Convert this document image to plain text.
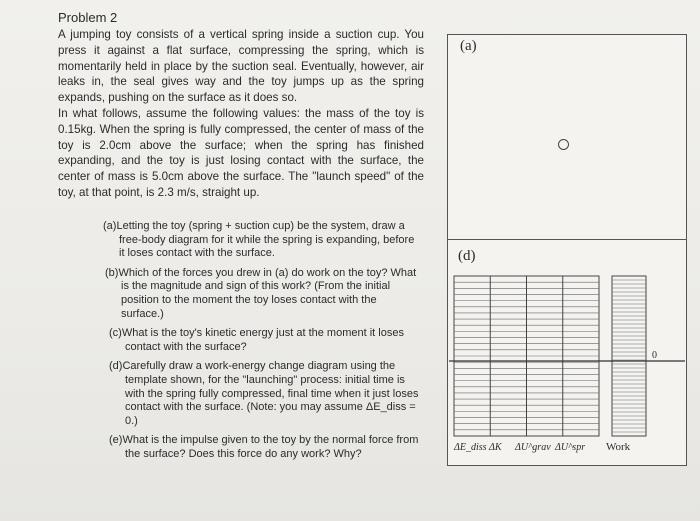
Problem 2

A jumping toy consists of a vertical spring inside a suction cup. You press it against a flat surface, compressing the spring, which is momentarily held in place by the suction seal. Eventually, however, air leaks in, the seal gives way and the toy jumps up as the spring expands, pushing on the surface as it does so.

In what follows, assume the following values: the mass of the toy is 0.15kg. When the spring is fully compressed, the center of mass of the toy is 2.0cm above the surface; when the spring has finished expanding, and the toy is just losing contact with the surface, the center of mass is 5.0cm above the surface. The "launch speed" of the toy, at that point, is 2.3 m/s, straight up.

(a)Letting the toy (spring + suction cup) be the system, draw a free-body diagram for it while the spring is expanding, before it loses contact with the surface.
(b)Which of the forces you drew in (a) do work on the toy? What is the magnitude and sign of this work? (From the initial position to the moment the toy loses contact with the surface.)
(c)What is the toy's kinetic energy just at the moment it loses contact with the surface?
(d)Carefully draw a work-energy change diagram using the template shown, for the "launching" process: initial time is with the spring fully compressed, final time when it just loses contact with the surface. (Note: you may assume ΔE_diss = 0.)
(e)What is the impulse given to the toy by the normal force from the surface? Does this force do any work? Why?
(a)
(d)
ΔE_diss ΔK ΔU^grav ΔU^spr Work
0
